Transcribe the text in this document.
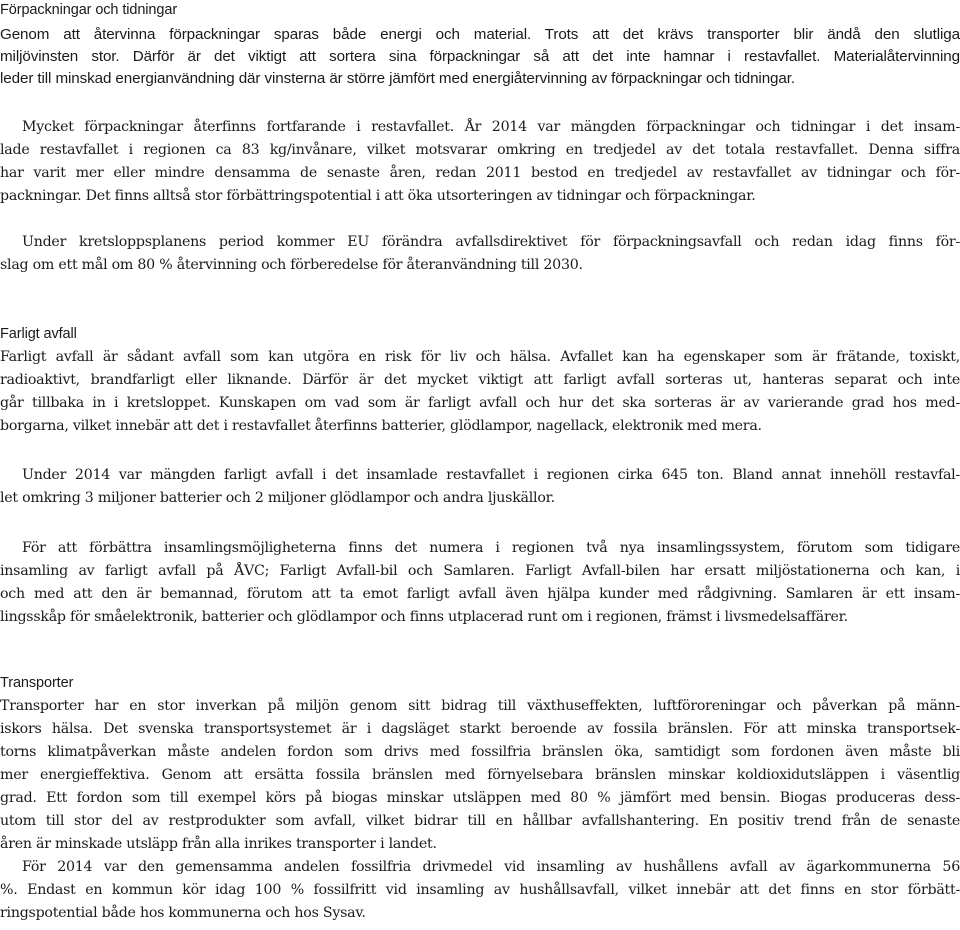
Förpackningar och tidningar
Genom att återvinna förpackningar sparas både energi och material. Trots att det krävs transporter blir ändå den slutliga
miljövinsten stor. Därför är det viktigt att sortera sina förpackningar så att det inte hamnar i restavfallet. Materialåtervinning
leder till minskad energianvändning där vinsterna är större jämfört med energiåtervinning av förpackningar och tidningar.
Mycket förpackningar återfinns fortfarande i restavfallet. År 2014 var mängden förpackningar och tidningar i det insam-
lade restavfallet i regionen ca 83 kg/invånare, vilket motsvarar omkring en tredjedel av det totala restavfallet. Denna siffra
har varit mer eller mindre densamma de senaste åren, redan 2011 bestod en tredjedel av restavfallet av tidningar och för-
packningar. Det finns alltså stor förbättringspotential i att öka utsorteringen av tidningar och förpackningar.
Under kretsloppsplanens period kommer EU förändra avfallsdirektivet för förpackningsavfall och redan idag finns för-
slag om ett mål om 80 % återvinning och förberedelse för återanvändning till 2030.
Farligt avfall
Farligt avfall är sådant avfall som kan utgöra en risk för liv och hälsa. Avfallet kan ha egenskaper som är frätande, toxiskt,
radioaktivt, brandfarligt eller liknande. Därför är det mycket viktigt att farligt avfall sorteras ut, hanteras separat och inte
går tillbaka in i kretsloppet. Kunskapen om vad som är farligt avfall och hur det ska sorteras är av varierande grad hos med-
borgarna, vilket innebär att det i restavfallet återfinns batterier, glödlampor, nagellack, elektronik med mera.
Under 2014 var mängden farligt avfall i det insamlade restavfallet i regionen cirka 645 ton. Bland annat innehöll restavfal-
let omkring 3 miljoner batterier och 2 miljoner glödlampor och andra ljuskällor.
För att förbättra insamlingsmöjligheterna finns det numera i regionen två nya insamlingssystem, förutom som tidigare
insamling av farligt avfall på ÅVC; Farligt Avfall-bil och Samlaren. Farligt Avfall-bilen har ersatt miljöstationerna och kan, i
och med att den är bemannad, förutom att ta emot farligt avfall även hjälpa kunder med rådgivning. Samlaren är ett insam-
lingsskåp för småelektronik, batterier och glödlampor och finns utplacerad runt om i regionen, främst i livsmedelsaffärer.
Transporter
Transporter har en stor inverkan på miljön genom sitt bidrag till växthuseffekten, luftföroreningar och påverkan på männ-
iskors hälsa. Det svenska transportsystemet är i dagsläget starkt beroende av fossila bränslen. För att minska transportsek-
torns klimatpåverkan måste andelen fordon som drivs med fossilfria bränslen öka, samtidigt som fordonen även måste bli
mer energieffektiva. Genom att ersätta fossila bränslen med förnyelsebara bränslen minskar koldioxidutsläppen i väsentlig
grad. Ett fordon som till exempel körs på biogas minskar utsläppen med 80 % jämfört med bensin. Biogas produceras dess-
utom till stor del av restprodukter som avfall, vilket bidrar till en hållbar avfallshantering. En positiv trend från de senaste
åren är minskade utsläpp från alla inrikes transporter i landet.
För 2014 var den gemensamma andelen fossilfria drivmedel vid insamling av hushållens avfall av ägarkommunerna 56
%. Endast en kommun kör idag 100 % fossilfritt vid insamling av hushållsavfall, vilket innebär att det finns en stor förbätt-
ringspotential både hos kommunerna och hos Sysav.
